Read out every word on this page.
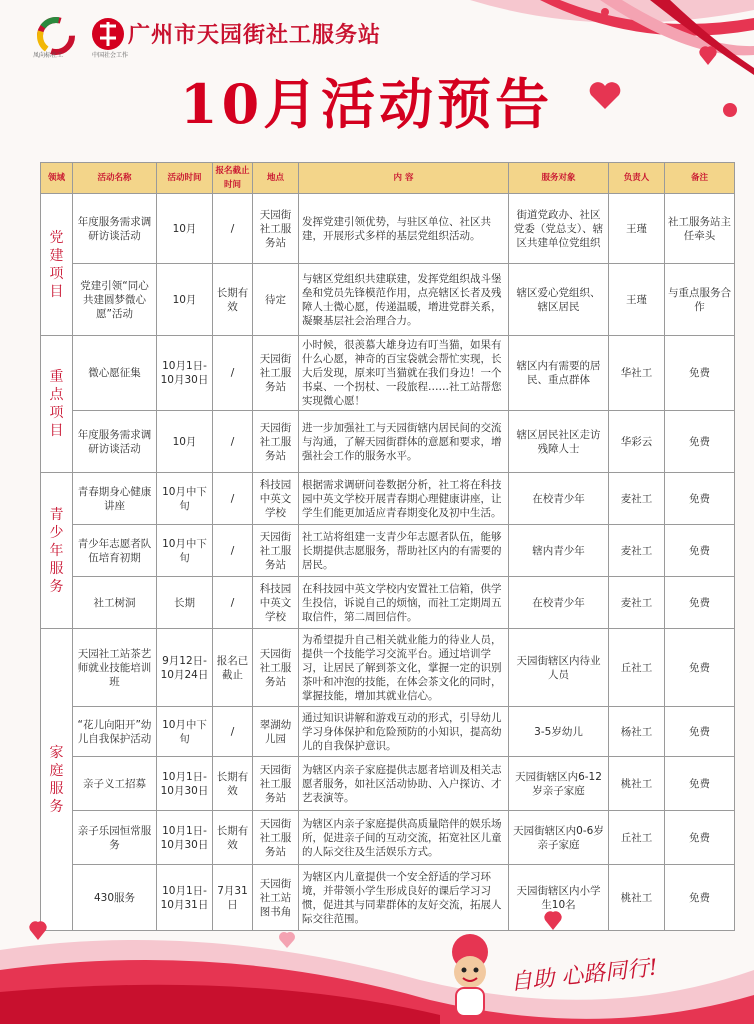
凤向标社工	中国社会工作
广州市天园街社工服务站
10月活动预告
领域	活动名称	活动时间	报名截止时间	地点	内 容	服务对象	负责人	备注
党建项目	年度服务需求调研访谈活动	10月	/	天园街社工服务站	发挥党建引领优势，与驻区单位、社区共建，开展形式多样的基层党组织活动。	街道党政办、社区党委（党总支）、辖区共建单位党组织	王瑾	社工服务站主任牵头
	党建引领“同心共建圆梦微心愿”活动	10月	长期有效	待定	与辖区党组织共建联建，发挥党组织战斗堡垒和党员先锋模范作用，点亮辖区长者及残障人士微心愿，传递温暖，增进党群关系，凝聚基层社会治理合力。	辖区爱心党组织、辖区居民	王瑾	与重点服务合作
重点项目	微心愿征集	10月1日-10月30日	/	天园街社工服务站	小时候，很羡慕大雄身边有叮当猫，如果有什么心愿，神奇的百宝袋就会帮忙实现，长大后发现，原来叮当猫就在我们身边！一个书桌、一个拐杖、一段旅程……社工站帮您实现微心愿！	辖区内有需要的居民、重点群体	华社工	免费
	年度服务需求调研访谈活动	10月	/	天园街社工服务站	进一步加强社工与天园街辖内居民间的交流与沟通，了解天园街群体的意愿和要求，增强社会工作的服务水平。	辖区居民社区走访残障人士	华彩云	免费
青少年服务	青春期身心健康讲座	10月中下旬	/	科技园中英文学校	根据需求调研问卷数据分析，社工将在科技园中英文学校开展青春期心理健康讲座，让学生们能更加适应青春期变化及初中生活。	在校青少年	麦社工	免费
	青少年志愿者队伍培育初期	10月中下旬	/	天园街社工服务站	社工站将组建一支青少年志愿者队伍，能够长期提供志愿服务，帮助社区内的有需要的居民。	辖内青少年	麦社工	免费
	社工树洞	长期	/	科技园中英文学校	在科技园中英文学校内安置社工信箱，供学生投信，诉说自己的烦恼，而社工定期周五取信件，第二周回信件。	在校青少年	麦社工	免费
家庭服务	天园社工站茶艺师就业技能培训班	9月12日-10月24日	报名已截止	天园街社工服务站	为希望提升自己相关就业能力的待业人员，提供一个技能学习交流平台。通过培训学习，让居民了解到茶文化，掌握一定的识别茶叶和冲泡的技能，在体会茶文化的同时，掌握技能，增加其就业信心。	天园街辖区内待业人员	丘社工	免费
	“花儿向阳开”幼儿自我保护活动	10月中下旬	/	翠湖幼儿园	通过知识讲解和游戏互动的形式，引导幼儿学习身体保护和危险预防的小知识，提高幼儿的自我保护意识。	3-5岁幼儿	杨社工	免费
	亲子义工招募	10月1日-10月30日	长期有效	天园街社工服务站	为辖区内亲子家庭提供志愿者培训及相关志愿者服务，如社区活动协助、入户探访、才艺表演等。	天园街辖区内6-12岁亲子家庭	桃社工	免费
	亲子乐园恒常服务	10月1日-10月30日	长期有效	天园街社工服务站	为辖区内亲子家庭提供高质量陪伴的娱乐场所，促进亲子间的互动交流，拓宽社区儿童的人际交往及生活娱乐方式。	天园街辖区内0-6岁亲子家庭	丘社工	免费
	430服务	10月1日-10月31日	7月31日	天园街社工站图书角	为辖区内儿童提供一个安全舒适的学习环境，并带领小学生形成良好的课后学习习惯，促进其与同辈群体的友好交流，拓展人际交往范围。	天园街辖区内小学生10名	桃社工	免费
自助 心路同行!
